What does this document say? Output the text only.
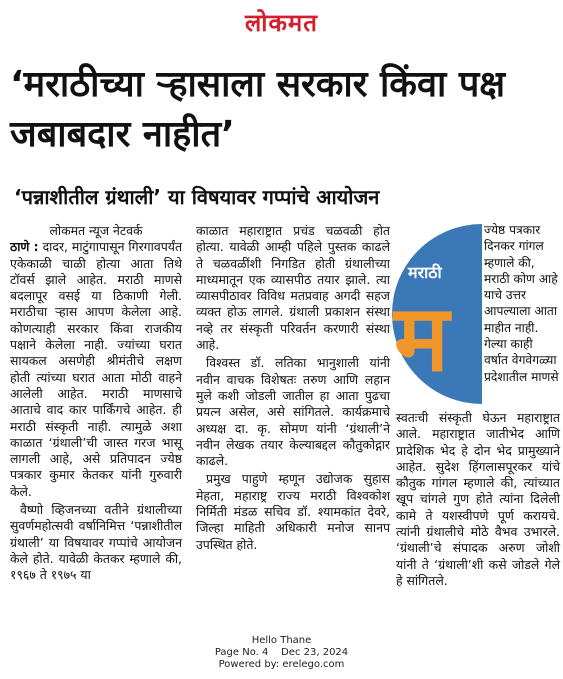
लोकमत
‘मराठीच्या ऱ्हासाला सरकार किंवा पक्ष जबाबदार नाहीत’
‘पन्नाशीतील ग्रंथाली’ या विषयावर गप्पांचे आयोजन

लोकमत न्यूज नेटवर्क

ठाणे : दादर, माटुंगापासून गिरगावपर्यंत एकेकाळी चाळी होत्या आता तिथे टॉवर्स झाले आहेत. मराठी माणसे बदलापूर वसई या ठिकाणी गेली. मराठीचा ऱ्हास आपण केलेला आहे. कोणत्याही सरकार किंवा राजकीय पक्षाने केलेला नाही. ज्यांच्या घरात सायकल असणेही श्रीमंतीचे लक्षण होती त्यांच्या घरात आता मोठी वाहने आलेली आहेत. मराठी माणसाचे आताचे वाद कार पार्किंगचे आहेत. ही मराठी संस्कृती नाही. त्यामुळे अशा काळात ‘ग्रंथाली’ची जास्त गरज भासू लागली आहे, असे प्रतिपादन ज्येष्ठ पत्रकार कुमार केतकर यांनी गुरुवारी केले.

वैष्णो व्हिजनच्या वतीने ग्रंथालीच्या सुवर्णमहोत्सवी वर्षानिमित्त ‘पन्नाशीतील ग्रंथाली’ या विषयावर गप्पांचे आयोजन केले होते. यावेळी केतकर म्हणाले की, १९६७ ते १९७५ या

काळात महाराष्ट्रात प्रचंड चळवळी होत होत्या. यावेळी आम्ही पहिले पुस्तक काढले ते चळवळींशी निगडित होती ग्रंथालीच्या माध्यमातून एक व्यासपीठ तयार झाले. त्या व्यासपीठावर विविध मतप्रवाह अगदी सहज व्यक्त होऊ लागले. ग्रंथाली प्रकाशन संस्था नव्हे तर संस्कृती परिवर्तन करणारी संस्था आहे.

विश्वस्त डॉ. लतिका भानुशाली यांनी नवीन वाचक विशेषतः तरुण आणि लहान मुले कशी जोडली जातील हा आता पुढचा प्रयत्न असेल, असे सांगितले. कार्यक्रमाचे अध्यक्ष दा. कृ. सोमण यांनी ‘ग्रंथाली’ने नवीन लेखक तयार केल्याबद्दल कौतुकोद्गार काढले.

प्रमुख पाहुणे म्हणून उद्योजक सुहास मेहता, महाराष्ट्र राज्य मराठी विश्वकोश निर्मिती मंडळ सचिव डॉ. श्यामकांत देवरे, जिल्हा माहिती अधिकारी मनोज सानप उपस्थित होते.

मराठी
म

ज्येष्ठ पत्रकार दिनकर गांगल म्हणाले की, मराठी कोण आहे याचे उत्तर आपल्याला आता माहीत नाही. गेल्या काही वर्षात वेगवेगळ्या प्रदेशातील माणसे

स्वतःची संस्कृती घेऊन महाराष्ट्रात आले. महाराष्ट्रात जातीभेद आणि प्रादेशिक भेद हे दोन भेद प्रामुख्याने आहेत. सुदेश हिंगलासपूरकर यांचे कौतुक गांगल म्हणाले की, त्यांच्यात खूप चांगले गुण होते त्यांना दिलेली कामे ते यशस्वीपणे पूर्ण करायचे. त्यांनी ग्रंथालीचे मोठे वैभव उभारले. ‘ग्रंथाली’चे संपादक अरुण जोशी यांनी ते ‘ग्रंथाली’शी कसे जोडले गेले हे सांगितले.

Hello Thane
Page No. 4    Dec 23, 2024
Powered by: erelego.com
